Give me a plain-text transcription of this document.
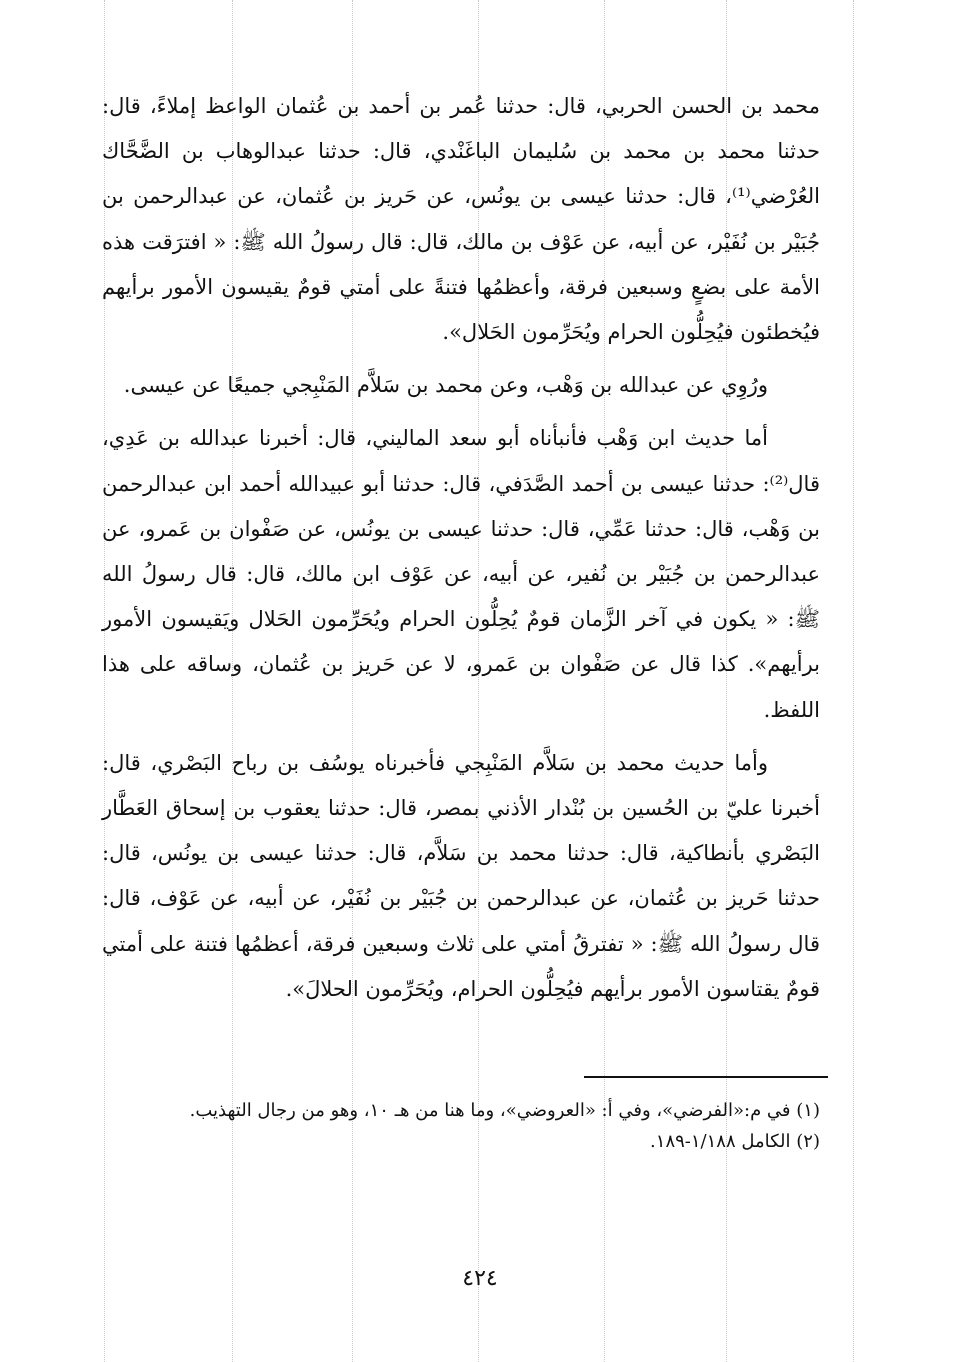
محمد بن الحسن الحربي، قال: حدثنا عُمر بن أحمد بن عُثمان الواعظ إملاءً، قال: حدثنا محمد بن محمد بن سُليمان الباغَنْدي، قال: حدثنا عبدالوهاب بن الضَّحَّاك العُرْضي⁽¹⁾، قال: حدثنا عيسى بن يونُس، عن حَريز بن عُثمان، عن عبدالرحمن بن جُبَيْر بن نُفَيْر، عن أبيه، عن عَوْف بن مالك، قال: قال رسولُ الله ﷺ: « افترَقت هذه الأمة على بضعٍ وسبعين فرقة، وأعظمُها فتنةً على أمتي قومٌ يقيسون الأمور برأيهم فيُخطئون فيُحِلُّون الحرام ويُحَرِّمون الحَلال».

ورُوِي عن عبدالله بن وَهْب، وعن محمد بن سَلاَّم المَنْبِجي جميعًا عن عيسى.

أما حديث ابن وَهْب فأنبأناه أبو سعد الماليني، قال: أخبرنا عبدالله بن عَدِي، قال⁽²⁾: حدثنا عيسى بن أحمد الصَّدَفي، قال: حدثنا أبو عبيدالله أحمد ابن عبدالرحمن بن وَهْب، قال: حدثنا عَمِّي، قال: حدثنا عيسى بن يونُس، عن صَفْوان بن عَمرو، عن عبدالرحمن بن جُبَيْر بن نُفير، عن أبيه، عن عَوْف ابن مالك، قال: قال رسولُ الله ﷺ: « يكون في آخر الزَّمان قومٌ يُحِلُّون الحرام ويُحَرِّمون الحَلال ويَقيسون الأمور برأيهم». كذا قال عن صَفْوان بن عَمرو، لا عن حَريز بن عُثمان، وساقه على هذا اللفظ.

وأما حديث محمد بن سَلاَّم المَنْبِجي فأخبرناه يوسُف بن رباح البَصْري، قال: أخبرنا عليّ بن الحُسين بن بُنْدار الأذني بمصر، قال: حدثنا يعقوب بن إسحاق العَطَّار البَصْري بأنطاكية، قال: حدثنا محمد بن سَلاَّم، قال: حدثنا عيسى بن يونُس، قال: حدثنا حَريز بن عُثمان، عن عبدالرحمن بن جُبَيْر بن نُفَيْر، عن أبيه، عن عَوْف، قال: قال رسولُ الله ﷺ: « تفترقُ أمتي على ثلاث وسبعين فرقة، أعظمُها فتنة على أمتي قومٌ يقتاسون الأمور برأيهم فيُحِلُّون الحرام، ويُحَرِّمون الحلالَ».

(١) في م:«الفرضي»، وفي أ: «العروضي»، وما هنا من هـ ١٠، وهو من رجال التهذيب.

(٢) الكامل ١/١٨٨-١٨٩.

٤٢٤
